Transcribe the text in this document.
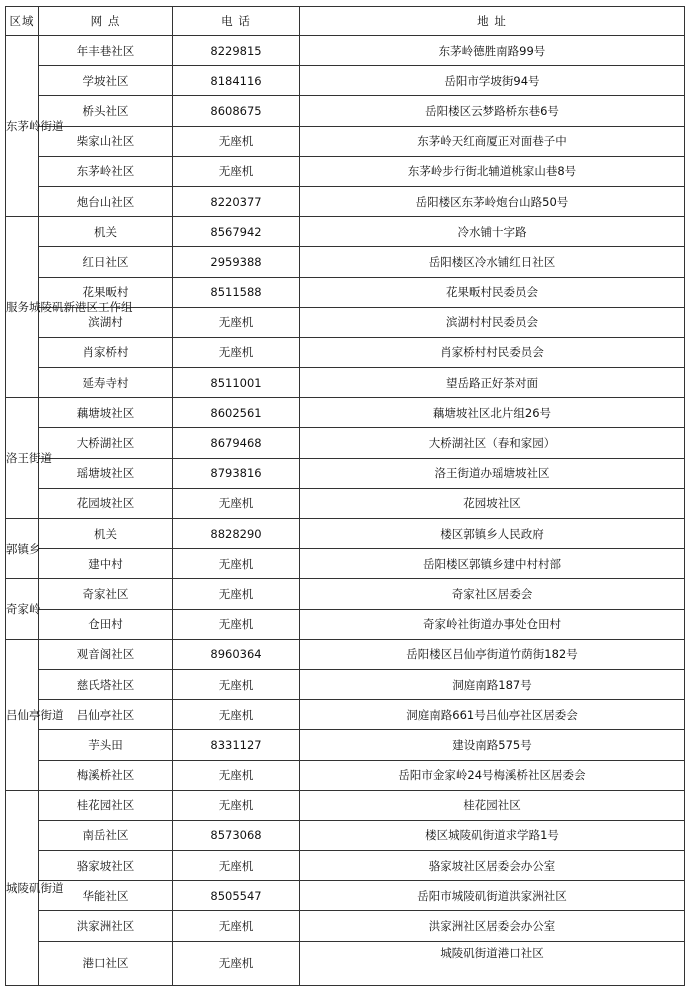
区域	网 点	电 话	地 址

东茅岭街道	年丰巷社区	8229815	东茅岭德胜南路99号
	学坡社区	8184116	岳阳市学坡街94号
	桥头社区	8608675	岳阳楼区云梦路桥东巷6号
	柴家山社区	无座机	东茅岭天红商厦正对面巷子中
	东茅岭社区	无座机	东茅岭步行街北辅道桃家山巷8号
	炮台山社区	8220377	岳阳楼区东茅岭炮台山路50号

服务城陵矶新港区工作组	机关	8567942	冷水铺十字路
	红日社区	2959388	岳阳楼区冷水铺红日社区
	花果畈村	8511588	花果畈村民委员会
	滨湖村	无座机	滨湖村村民委员会
	肖家桥村	无座机	肖家桥村村民委员会
	延寿寺村	8511001	望岳路正好茶对面

洛王街道	藕塘坡社区	8602561	藕塘坡社区北片组26号
	大桥湖社区	8679468	大桥湖社区（春和家园）
	瑶塘坡社区	8793816	洛王街道办瑶塘坡社区
	花园坡社区	无座机	花园坡社区

郭镇乡	机关	8828290	楼区郭镇乡人民政府
	建中村	无座机	岳阳楼区郭镇乡建中村村部

奇家岭	奇家社区	无座机	奇家社区居委会
	仓田村	无座机	奇家岭社街道办事处仓田村

吕仙亭街道	观音阁社区	8960364	岳阳楼区吕仙亭街道竹荫街182号
	慈氏塔社区	无座机	洞庭南路187号
	吕仙亭社区	无座机	洞庭南路661号吕仙亭社区居委会
	芋头田	8331127	建设南路575号
	梅溪桥社区	无座机	岳阳市金家岭24号梅溪桥社区居委会

城陵矶街道	桂花园社区	无座机	桂花园社区
	南岳社区	8573068	楼区城陵矶街道求学路1号
	骆家坡社区	无座机	骆家坡社区居委会办公室
	华能社区	8505547	岳阳市城陵矶街道洪家洲社区
	洪家洲社区	无座机	洪家洲社区居委会办公室
	港口社区	无座机	城陵矶街道港口社区
